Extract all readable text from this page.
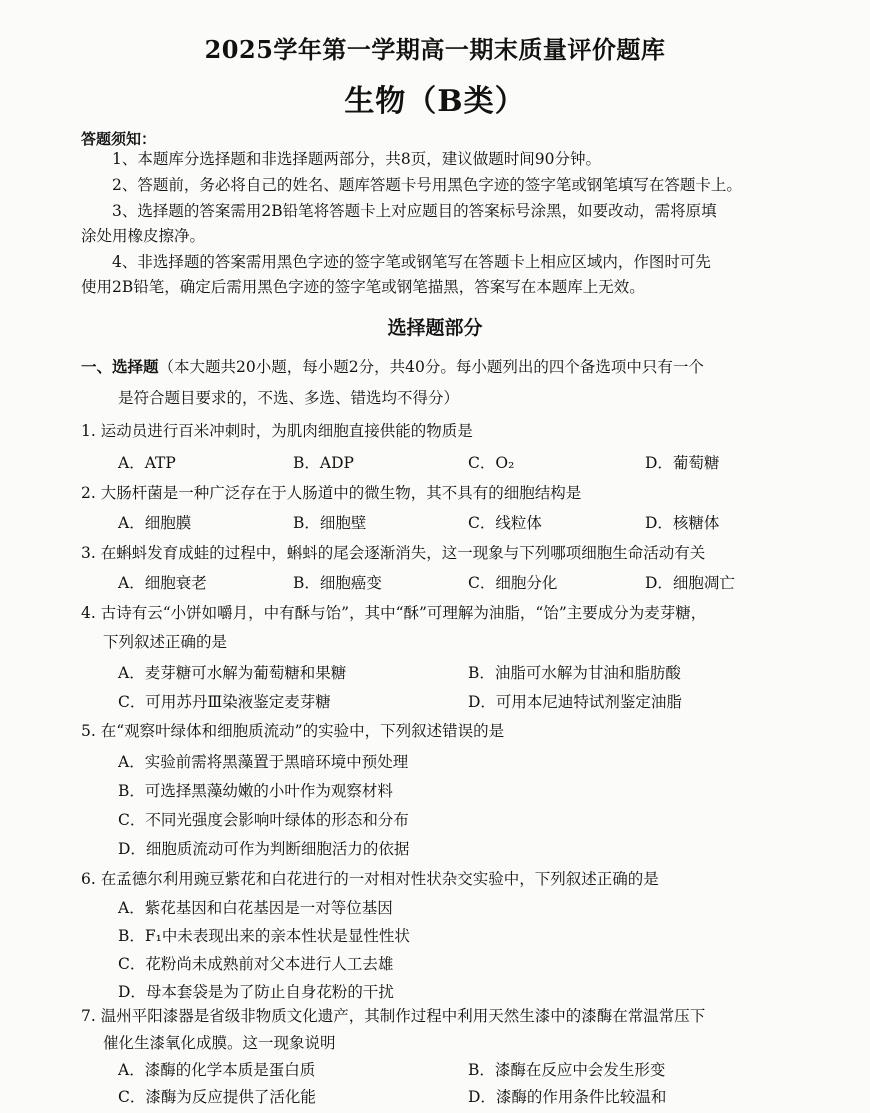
2025学年第一学期高一期末质量评价题库
生物（B类）
答题须知：
1、本题库分选择题和非选择题两部分，共8页，建议做题时间90分钟。
2、答题前，务必将自己的姓名、题库答题卡号用黑色字迹的签字笔或钢笔填写在答题卡上。
3、选择题的答案需用2B铅笔将答题卡上对应题目的答案标号涂黑，如要改动，需将原填
涂处用橡皮擦净。
4、非选择题的答案需用黑色字迹的签字笔或钢笔写在答题卡上相应区域内，作图时可先
使用2B铅笔，确定后需用黑色字迹的签字笔或钢笔描黑，答案写在本题库上无效。
选择题部分
一、选择题（本大题共20小题，每小题2分，共40分。每小题列出的四个备选项中只有一个
是符合题目要求的，不选、多选、错选均不得分）
1. 运动员进行百米冲刺时，为肌肉细胞直接供能的物质是
A．ATP	B．ADP	C．O₂	D．葡萄糖
2. 大肠杆菌是一种广泛存在于人肠道中的微生物，其不具有的细胞结构是
A．细胞膜	B．细胞壁	C．线粒体	D．核糖体
3. 在蝌蚪发育成蛙的过程中，蝌蚪的尾会逐渐消失，这一现象与下列哪项细胞生命活动有关
A．细胞衰老	B．细胞癌变	C．细胞分化	D．细胞凋亡
4. 古诗有云“小饼如嚼月，中有酥与饴”，其中“酥”可理解为油脂，“饴”主要成分为麦芽糖，
下列叙述正确的是
A．麦芽糖可水解为葡萄糖和果糖	B．油脂可水解为甘油和脂肪酸
C．可用苏丹Ⅲ染液鉴定麦芽糖	D．可用本尼迪特试剂鉴定油脂
5. 在“观察叶绿体和细胞质流动”的实验中，下列叙述错误的是
A．实验前需将黑藻置于黑暗环境中预处理
B．可选择黑藻幼嫩的小叶作为观察材料
C．不同光强度会影响叶绿体的形态和分布
D．细胞质流动可作为判断细胞活力的依据
6. 在孟德尔利用豌豆紫花和白花进行的一对相对性状杂交实验中，下列叙述正确的是
A．紫花基因和白花基因是一对等位基因
B．F₁中未表现出来的亲本性状是显性性状
C．花粉尚未成熟前对父本进行人工去雄
D．母本套袋是为了防止自身花粉的干扰
7. 温州平阳漆器是省级非物质文化遗产，其制作过程中利用天然生漆中的漆酶在常温常压下
催化生漆氧化成膜。这一现象说明
A．漆酶的化学本质是蛋白质	B．漆酶在反应中会发生形变
C．漆酶为反应提供了活化能	D．漆酶的作用条件比较温和
